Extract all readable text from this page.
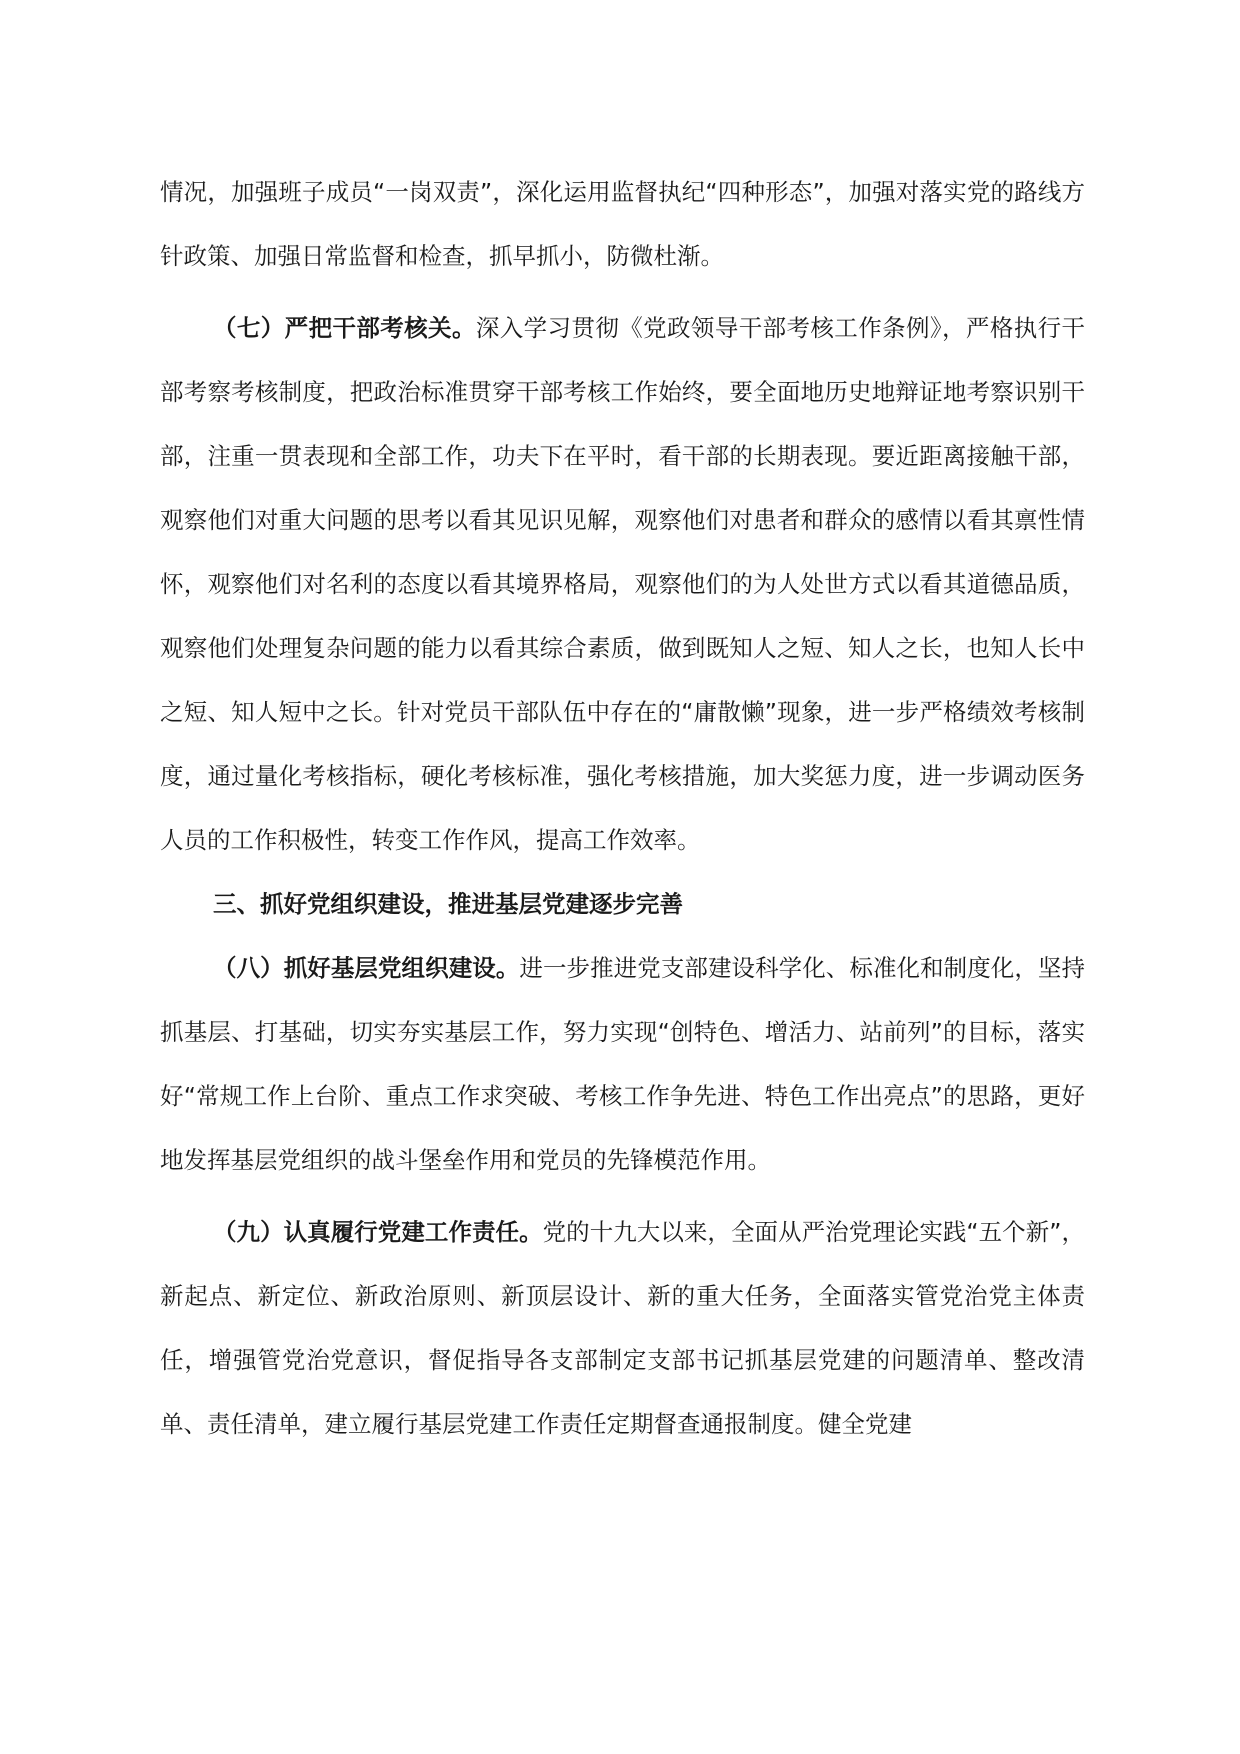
情况，加强班子成员“一岗双责”，深化运用监督执纪“四种形态”，加强对落实党的路线方针政策、加强日常监督和检查，抓早抓小，防微杜渐。

（七）严把干部考核关。深入学习贯彻《党政领导干部考核工作条例》，严格执行干部考察考核制度，把政治标准贯穿干部考核工作始终，要全面地历史地辩证地考察识别干部，注重一贯表现和全部工作，功夫下在平时，看干部的长期表现。要近距离接触干部，观察他们对重大问题的思考以看其见识见解，观察他们对患者和群众的感情以看其禀性情怀，观察他们对名利的态度以看其境界格局，观察他们的为人处世方式以看其道德品质，观察他们处理复杂问题的能力以看其综合素质，做到既知人之短、知人之长，也知人长中之短、知人短中之长。针对党员干部队伍中存在的“庸散懒”现象，进一步严格绩效考核制度，通过量化考核指标，硬化考核标准，强化考核措施，加大奖惩力度，进一步调动医务人员的工作积极性，转变工作作风，提高工作效率。

三、抓好党组织建设，推进基层党建逐步完善

（八）抓好基层党组织建设。进一步推进党支部建设科学化、标准化和制度化，坚持抓基层、打基础，切实夯实基层工作，努力实现“创特色、增活力、站前列”的目标，落实好“常规工作上台阶、重点工作求突破、考核工作争先进、特色工作出亮点”的思路，更好地发挥基层党组织的战斗堡垒作用和党员的先锋模范作用。

（九）认真履行党建工作责任。党的十九大以来，全面从严治党理论实践“五个新”，新起点、新定位、新政治原则、新顶层设计、新的重大任务，全面落实管党治党主体责任，增强管党治党意识，督促指导各支部制定支部书记抓基层党建的问题清单、整改清单、责任清单，建立履行基层党建工作责任定期督查通报制度。健全党建
